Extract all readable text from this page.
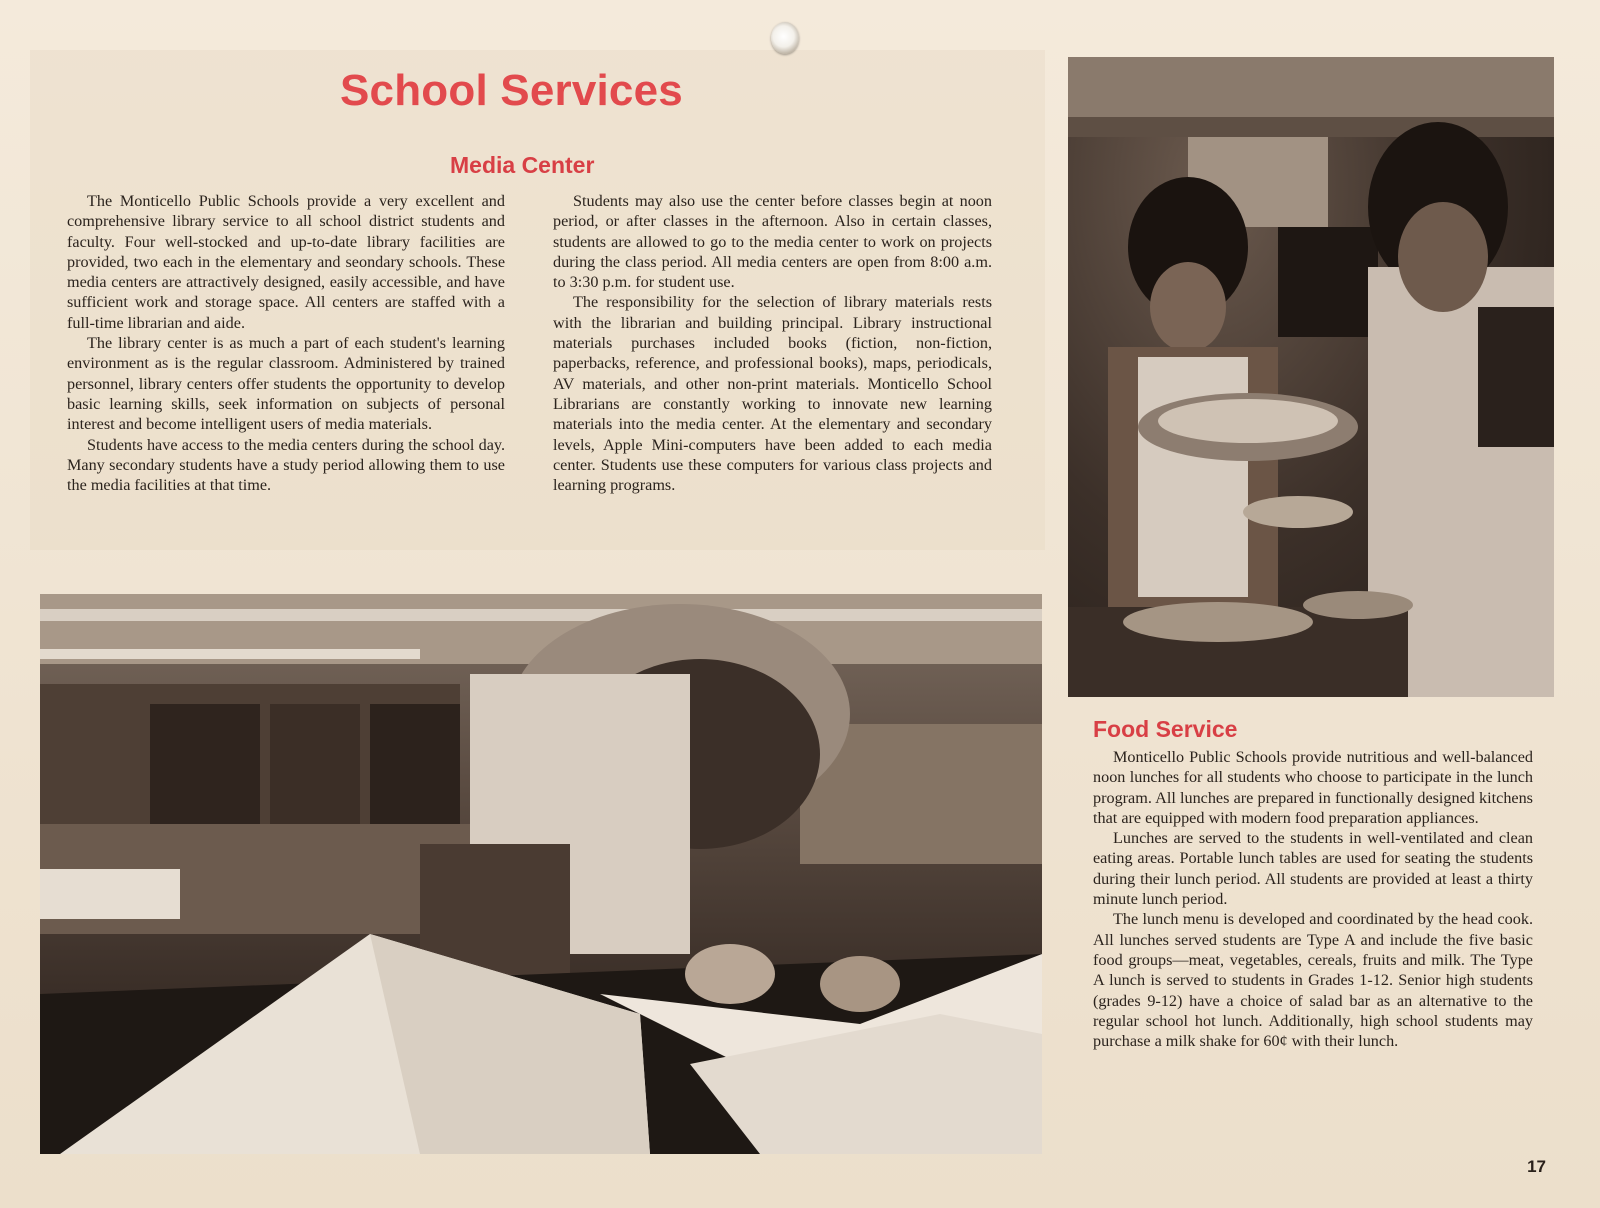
School Services
Media Center

The Monticello Public Schools provide a very excellent and comprehensive library service to all school district students and faculty. Four well-stocked and up-to-date library facilities are provided, two each in the elementary and seondary schools. These media centers are attractively designed, easily accessible, and have sufficient work and storage space. All centers are staffed with a full-time librarian and aide.

The library center is as much a part of each student's learning environment as is the regular classroom. Administered by trained personnel, library centers offer students the opportunity to develop basic learning skills, seek information on subjects of personal interest and become intelligent users of media materials.

Students have access to the media centers during the school day. Many secondary students have a study period allowing them to use the media facilities at that time.

Students may also use the center before classes begin at noon period, or after classes in the afternoon. Also in certain classes, students are allowed to go to the media center to work on projects during the class period. All media centers are open from 8:00 a.m. to 3:30 p.m. for student use.

The responsibility for the selection of library materials rests with the librarian and building principal. Library instructional materials purchases included books (fiction, non-fiction, paperbacks, reference, and professional books), maps, periodicals, AV materials, and other non-print materials. Monticello School Librarians are constantly working to innovate new learning materials into the media center. At the elementary and secondary levels, Apple Mini-computers have been added to each media center. Students use these computers for various class projects and learning programs.

Food Service

Monticello Public Schools provide nutritious and well-balanced noon lunches for all students who choose to participate in the lunch program. All lunches are prepared in functionally designed kitchens that are equipped with modern food preparation appliances.

Lunches are served to the students in well-ventilated and clean eating areas. Portable lunch tables are used for seating the students during their lunch period. All students are provided at least a thirty minute lunch period.

The lunch menu is developed and coordinated by the head cook. All lunches served students are Type A and include the five basic food groups—meat, vegetables, cereals, fruits and milk. The Type A lunch is served to students in Grades 1-12. Senior high students (grades 9-12) have a choice of salad bar as an alternative to the regular school hot lunch. Additionally, high school students may purchase a milk shake for 60¢ with their lunch.

17
